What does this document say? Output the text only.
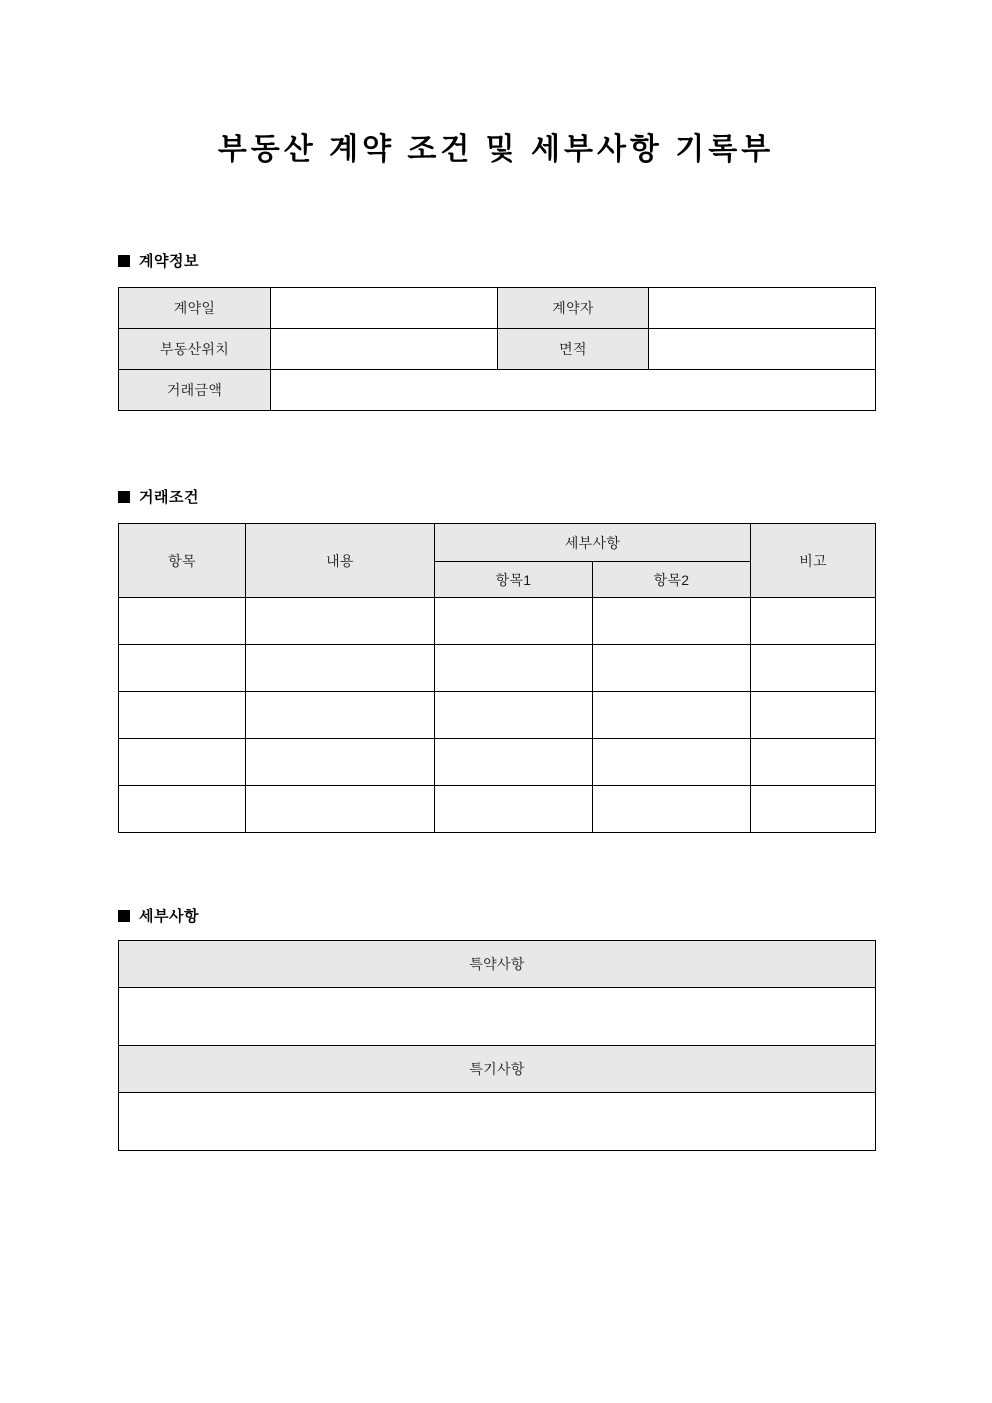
부동산 계약 조건 및 세부사항 기록부
계약정보
계약일		계약자	
부동산위치		면적	
거래금액			
거래조건
항목	내용	세부사항		비고
		항목1	항목2	

세부사항
특약사항

특기사항
